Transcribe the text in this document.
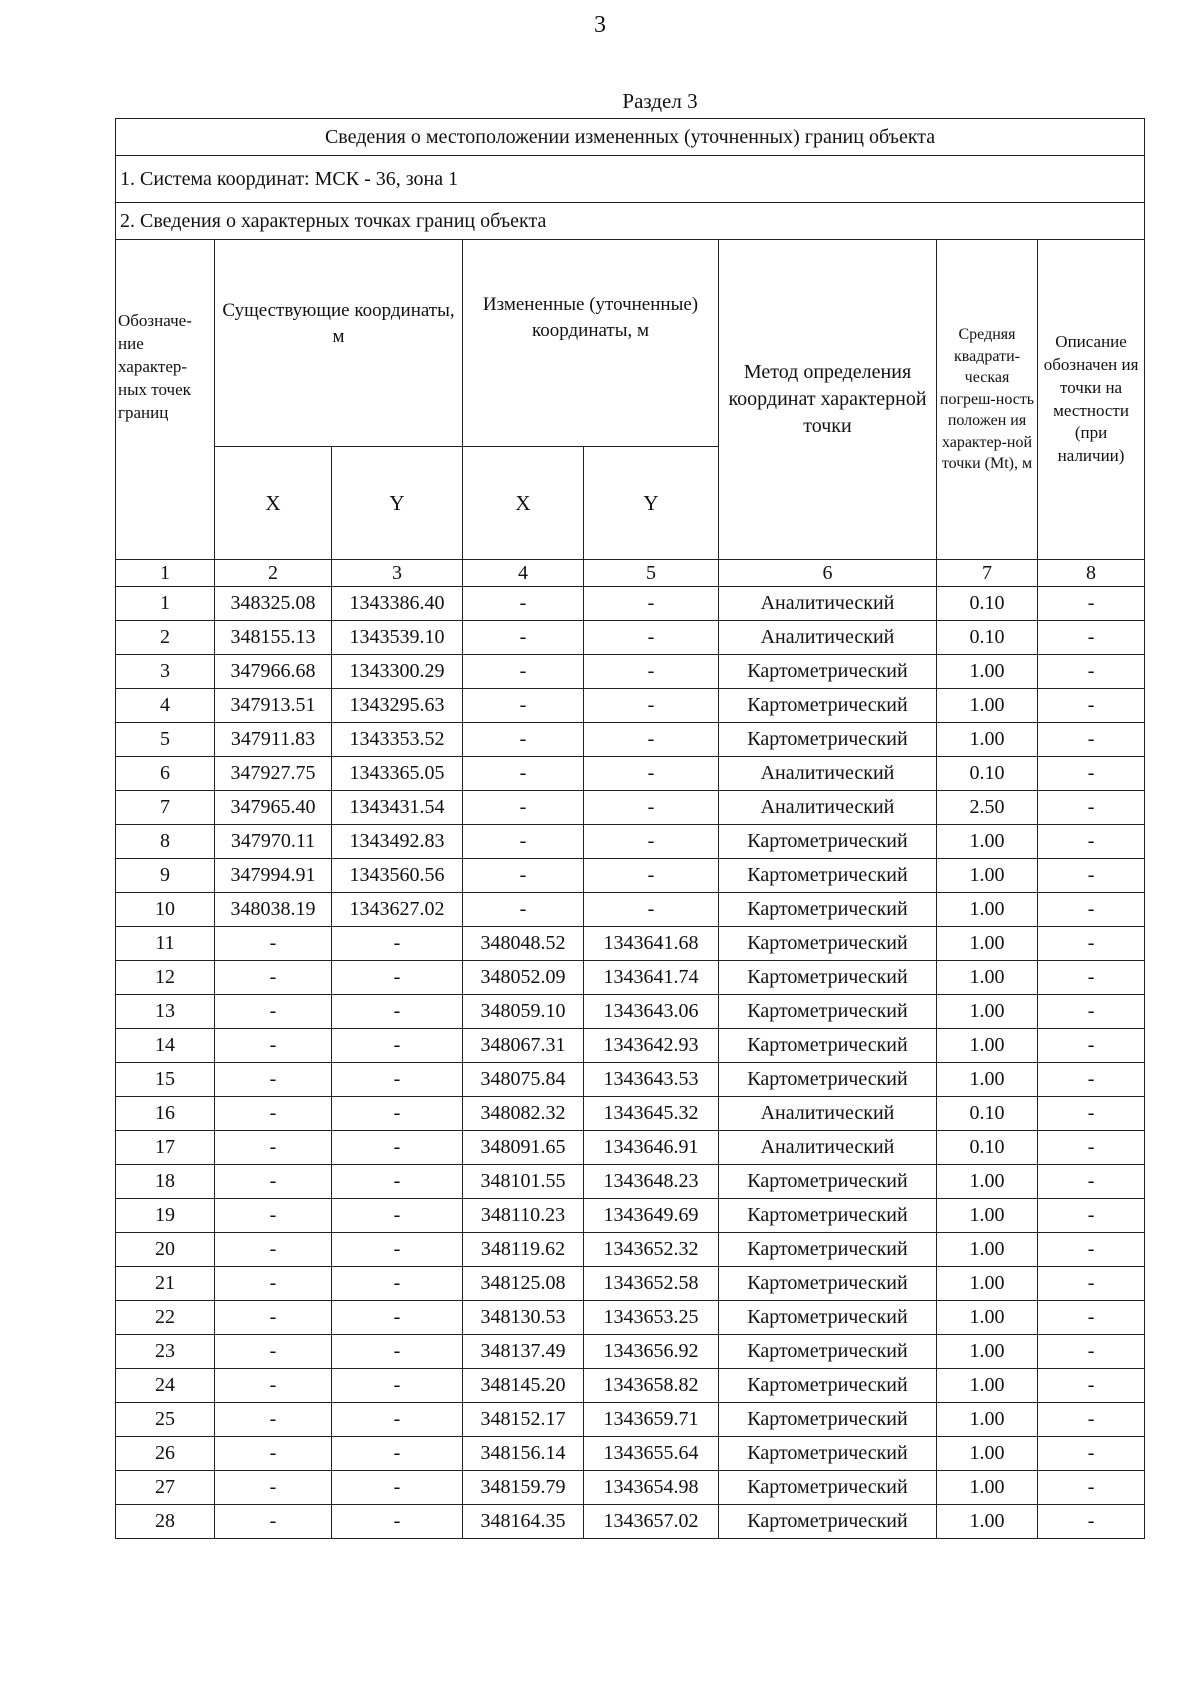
3
Раздел 3
Сведения о местоположении измененных (уточненных) границ объекта							
1. Система координат: МСК - 36, зона 1							
2. Сведения о характерных точках границ объекта							
Обозначе-ние характер-ных точек границ	Существующие координаты, м		Измененные (уточненные) координаты, м		Метод определения координат характерной точки	Средняя квадрати-ческая погреш-ность положен ия характер-ной точки (Mt), м	Описание обозначен ия точки на местности (при наличии)
	X	Y	X	Y			
1	2	3	4	5	6	7	8
1	348325.08	1343386.40	-	-	Аналитический	0.10	-
2	348155.13	1343539.10	-	-	Аналитический	0.10	-
3	347966.68	1343300.29	-	-	Картометрический	1.00	-
4	347913.51	1343295.63	-	-	Картометрический	1.00	-
5	347911.83	1343353.52	-	-	Картометрический	1.00	-
6	347927.75	1343365.05	-	-	Аналитический	0.10	-
7	347965.40	1343431.54	-	-	Аналитический	2.50	-
8	347970.11	1343492.83	-	-	Картометрический	1.00	-
9	347994.91	1343560.56	-	-	Картометрический	1.00	-
10	348038.19	1343627.02	-	-	Картометрический	1.00	-
11	-	-	348048.52	1343641.68	Картометрический	1.00	-
12	-	-	348052.09	1343641.74	Картометрический	1.00	-
13	-	-	348059.10	1343643.06	Картометрический	1.00	-
14	-	-	348067.31	1343642.93	Картометрический	1.00	-
15	-	-	348075.84	1343643.53	Картометрический	1.00	-
16	-	-	348082.32	1343645.32	Аналитический	0.10	-
17	-	-	348091.65	1343646.91	Аналитический	0.10	-
18	-	-	348101.55	1343648.23	Картометрический	1.00	-
19	-	-	348110.23	1343649.69	Картометрический	1.00	-
20	-	-	348119.62	1343652.32	Картометрический	1.00	-
21	-	-	348125.08	1343652.58	Картометрический	1.00	-
22	-	-	348130.53	1343653.25	Картометрический	1.00	-
23	-	-	348137.49	1343656.92	Картометрический	1.00	-
24	-	-	348145.20	1343658.82	Картометрический	1.00	-
25	-	-	348152.17	1343659.71	Картометрический	1.00	-
26	-	-	348156.14	1343655.64	Картометрический	1.00	-
27	-	-	348159.79	1343654.98	Картометрический	1.00	-
28	-	-	348164.35	1343657.02	Картометрический	1.00	-
